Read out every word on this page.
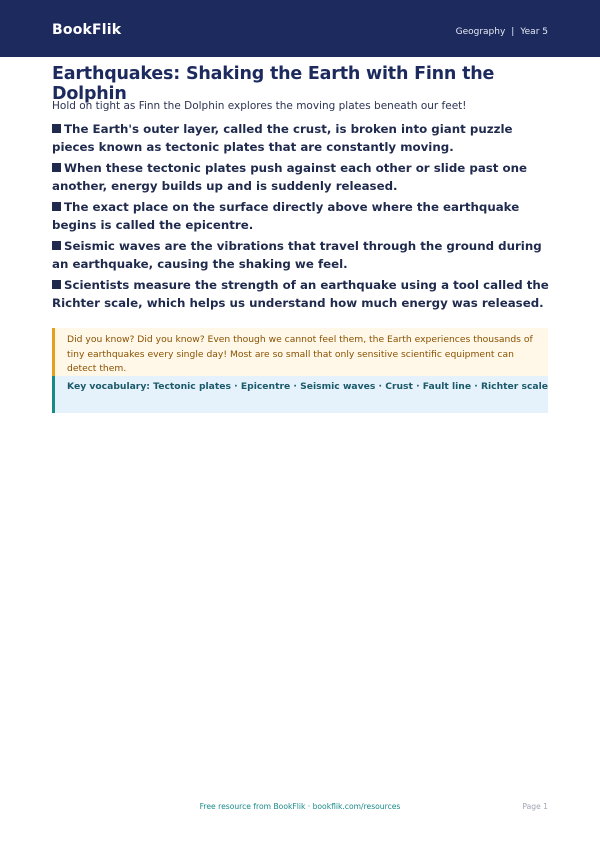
BookFlik	Geography | Year 5
Earthquakes: Shaking the Earth with Finn the Dolphin

Hold on tight as Finn the Dolphin explores the moving plates beneath our feet!

The Earth's outer layer, called the crust, is broken into giant puzzle pieces known as tectonic plates that are constantly moving.
When these tectonic plates push against each other or slide past one another, energy builds up and is suddenly released.
The exact place on the surface directly above where the earthquake begins is called the epicentre.
Seismic waves are the vibrations that travel through the ground during an earthquake, causing the shaking we feel.
Scientists measure the strength of an earthquake using a tool called the Richter scale, which helps us understand how much energy was released.
Did you know? Did you know? Even though we cannot feel them, the Earth experiences thousands of tiny earthquakes every single day! Most are so small that only sensitive scientific equipment can detect them.
Key vocabulary: Tectonic plates · Epicentre · Seismic waves · Crust · Fault line · Richter scale
Free resource from BookFlik · bookflik.com/resources	Page 1
